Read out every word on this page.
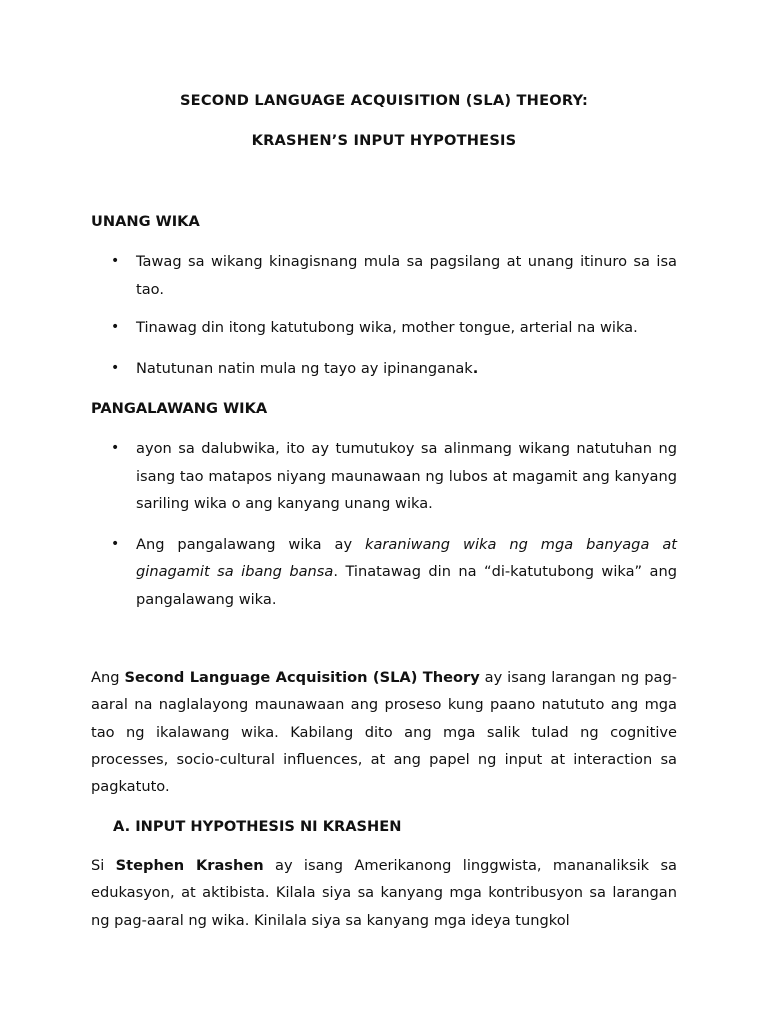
SECOND LANGUAGE ACQUISITION (SLA) THEORY:
KRASHEN’S INPUT HYPOTHESIS
UNANG WIKA
• Tawag sa wikang kinagisnang mula sa pagsilang at unang itinuro sa isa tao.
• Tinawag din itong katutubong wika, mother tongue, arterial na wika.
• Natutunan natin mula ng tayo ay ipinanganak.
PANGALAWANG WIKA
• ayon sa dalubwika, ito ay tumutukoy sa alinmang wikang natutuhan ng isang tao matapos niyang maunawaan ng lubos at magamit ang kanyang sariling wika o ang kanyang unang wika.
• Ang pangalawang wika ay karaniwang wika ng mga banyaga at ginagamit sa ibang bansa. Tinatawag din na “di-katutubong wika” ang pangalawang wika.
Ang Second Language Acquisition (SLA) Theory ay isang larangan ng pag-aaral na naglalayong maunawaan ang proseso kung paano natututo ang mga tao ng ikalawang wika. Kabilang dito ang mga salik tulad ng cognitive processes, socio-cultural influences, at ang papel ng input at interaction sa pagkatuto.
A. INPUT HYPOTHESIS NI KRASHEN
Si Stephen Krashen ay isang Amerikanong linggwista, mananaliksik sa edukasyon, at aktibista. Kilala siya sa kanyang mga kontribusyon sa larangan ng pag-aaral ng wika. Kinilala siya sa kanyang mga ideya tungkol
